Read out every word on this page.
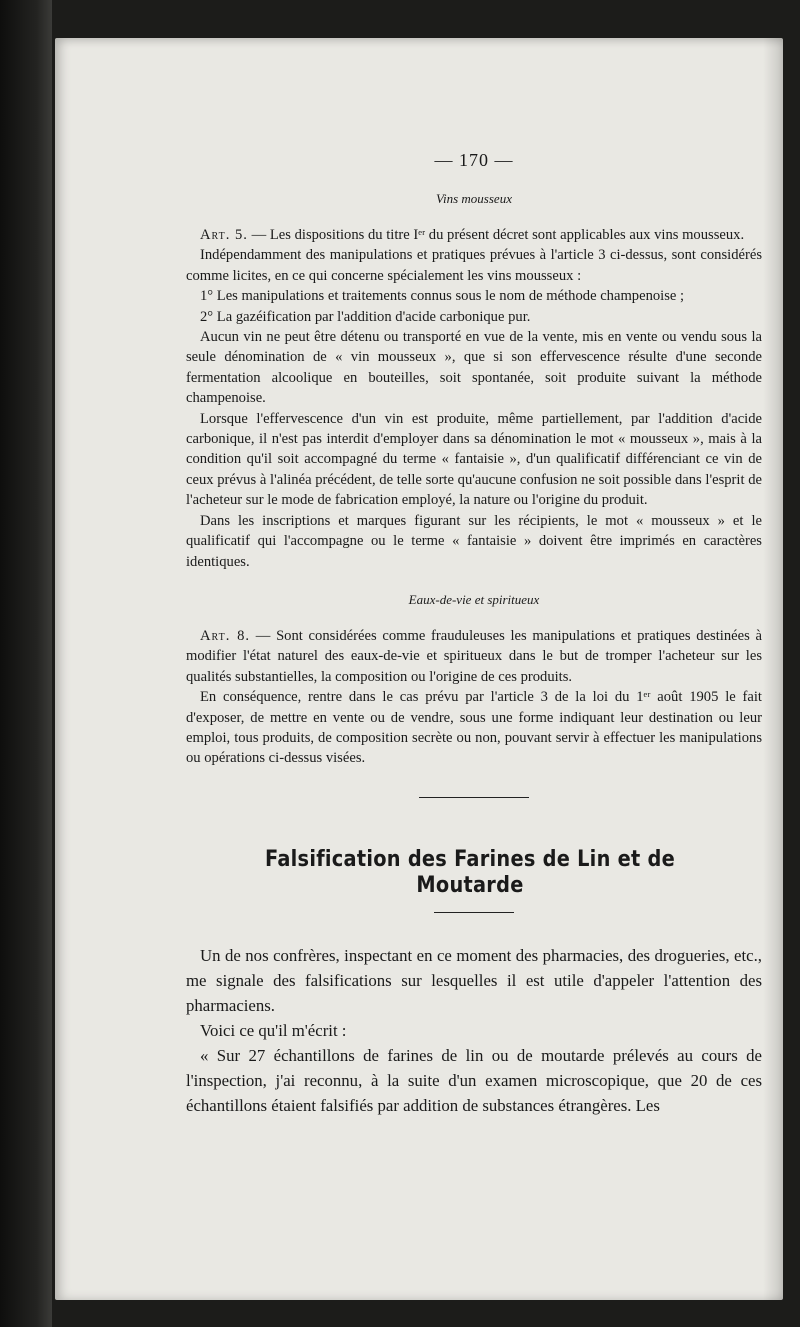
— 170 —
Vins mousseux

Art. 5. — Les dispositions du titre Iᵉʳ du présent décret sont applicables aux vins mousseux.

Indépendamment des manipulations et pratiques prévues à l'article 3 ci-dessus, sont considérés comme licites, en ce qui concerne spécialement les vins mousseux :

1° Les manipulations et traitements connus sous le nom de méthode champenoise ;

2° La gazéification par l'addition d'acide carbonique pur.

Aucun vin ne peut être détenu ou transporté en vue de la vente, mis en vente ou vendu sous la seule dénomination de « vin mousseux », que si son effervescence résulte d'une seconde fermentation alcoolique en bouteilles, soit spontanée, soit produite suivant la méthode champenoise.

Lorsque l'effervescence d'un vin est produite, même partiellement, par l'addition d'acide carbonique, il n'est pas interdit d'employer dans sa dénomination le mot « mousseux », mais à la condition qu'il soit accompagné du terme « fantaisie », d'un qualificatif différenciant ce vin de ceux prévus à l'alinéa précédent, de telle sorte qu'aucune confusion ne soit possible dans l'esprit de l'acheteur sur le mode de fabrication employé, la nature ou l'origine du produit.

Dans les inscriptions et marques figurant sur les récipients, le mot « mousseux » et le qualificatif qui l'accompagne ou le terme « fantaisie » doivent être imprimés en caractères identiques.

Eaux-de-vie et spiritueux

Art. 8. — Sont considérées comme frauduleuses les manipulations et pratiques destinées à modifier l'état naturel des eaux-de-vie et spiritueux dans le but de tromper l'acheteur sur les qualités substantielles, la composition ou l'origine de ces produits.

En conséquence, rentre dans le cas prévu par l'article 3 de la loi du 1ᵉʳ août 1905 le fait d'exposer, de mettre en vente ou de vendre, sous une forme indiquant leur destination ou leur emploi, tous produits, de composition secrète ou non, pouvant servir à effectuer les manipulations ou opérations ci-dessus visées.

Falsification des Farines de Lin et de Moutarde

Un de nos confrères, inspectant en ce moment des pharmacies, des drogueries, etc., me signale des falsifications sur lesquelles il est utile d'appeler l'attention des pharmaciens.

Voici ce qu'il m'écrit :

« Sur 27 échantillons de farines de lin ou de moutarde prélevés au cours de l'inspection, j'ai reconnu, à la suite d'un examen microscopique, que 20 de ces échantillons étaient falsifiés par addition de substances étrangères. Les
